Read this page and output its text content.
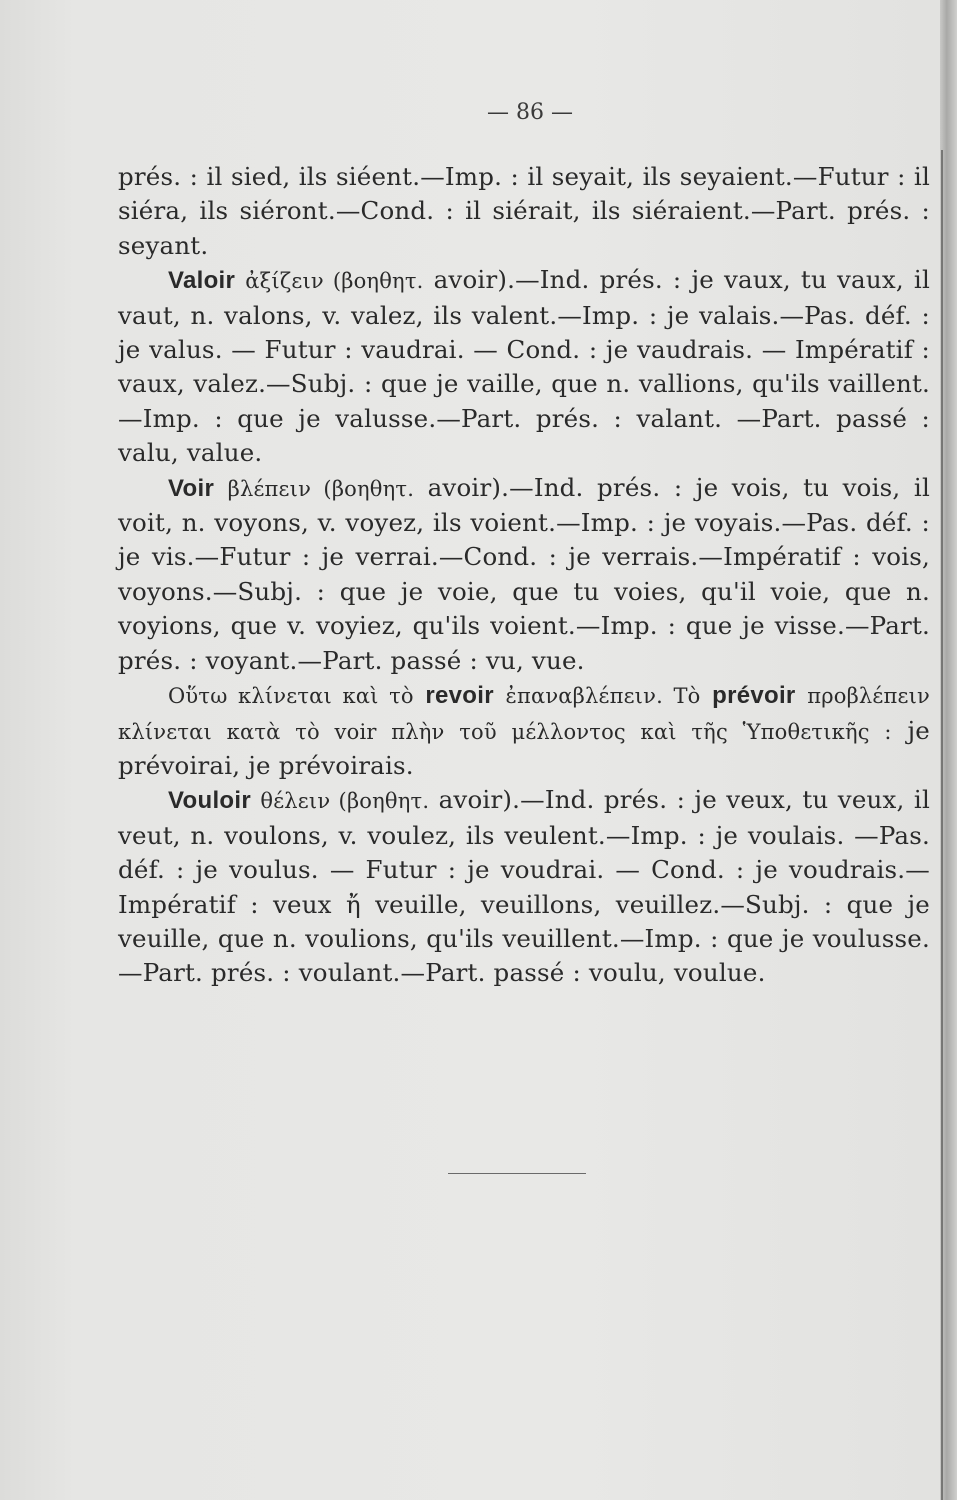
— 86 —

prés. : il sied, ils siéent.—Imp. : il seyait, ils seyaient.—Futur : il siéra, ils siéront.—Cond. : il siérait, ils siéraient.—Part. prés. : seyant.

Valoir ἀξίζειν (βοηθητ. avoir).—Ind. prés. : je vaux, tu vaux, il vaut, n. valons, v. valez, ils valent.—Imp. : je valais.—Pas. déf. : je valus. — Futur : vaudrai. — Cond. : je vaudrais. — Impératif : vaux, valez.—Subj. : que je vaille, que n. vallions, qu'ils vaillent.—Imp. : que je valusse.—Part. prés. : valant. —Part. passé : valu, value.

Voir βλέπειν (βοηθητ. avoir).—Ind. prés. : je vois, tu vois, il voit, n. voyons, v. voyez, ils voient.—Imp. : je voyais.—Pas. déf. : je vis.—Futur : je verrai.—Cond. : je verrais.—Impératif : vois, voyons.—Subj. : que je voie, que tu voies, qu'il voie, que n. voyions, que v. voyiez, qu'ils voient.—Imp. : que je visse.—Part. prés. : voyant.—Part. passé : vu, vue.

Οὕτω κλίνεται καὶ τὸ revoir ἐπαναβλέπειν. Τὸ prévoir προβλέπειν κλίνεται κατὰ τὸ voir πλὴν τοῦ μέλλοντος καὶ τῆς Ὑποθετικῆς : je prévoirai, je prévoirais.

Vouloir θέλειν (βοηθητ. avoir).—Ind. prés. : je veux, tu veux, il veut, n. voulons, v. voulez, ils veulent.—Imp. : je voulais. —Pas. déf. : je voulus. — Futur : je voudrai. — Cond. : je voudrais.—Impératif : veux ἤ veuille, veuillons, veuillez.—Subj. : que je veuille, que n. voulions, qu'ils veuillent.—Imp. : que je voulusse.—Part. prés. : voulant.—Part. passé : voulu, voulue.
